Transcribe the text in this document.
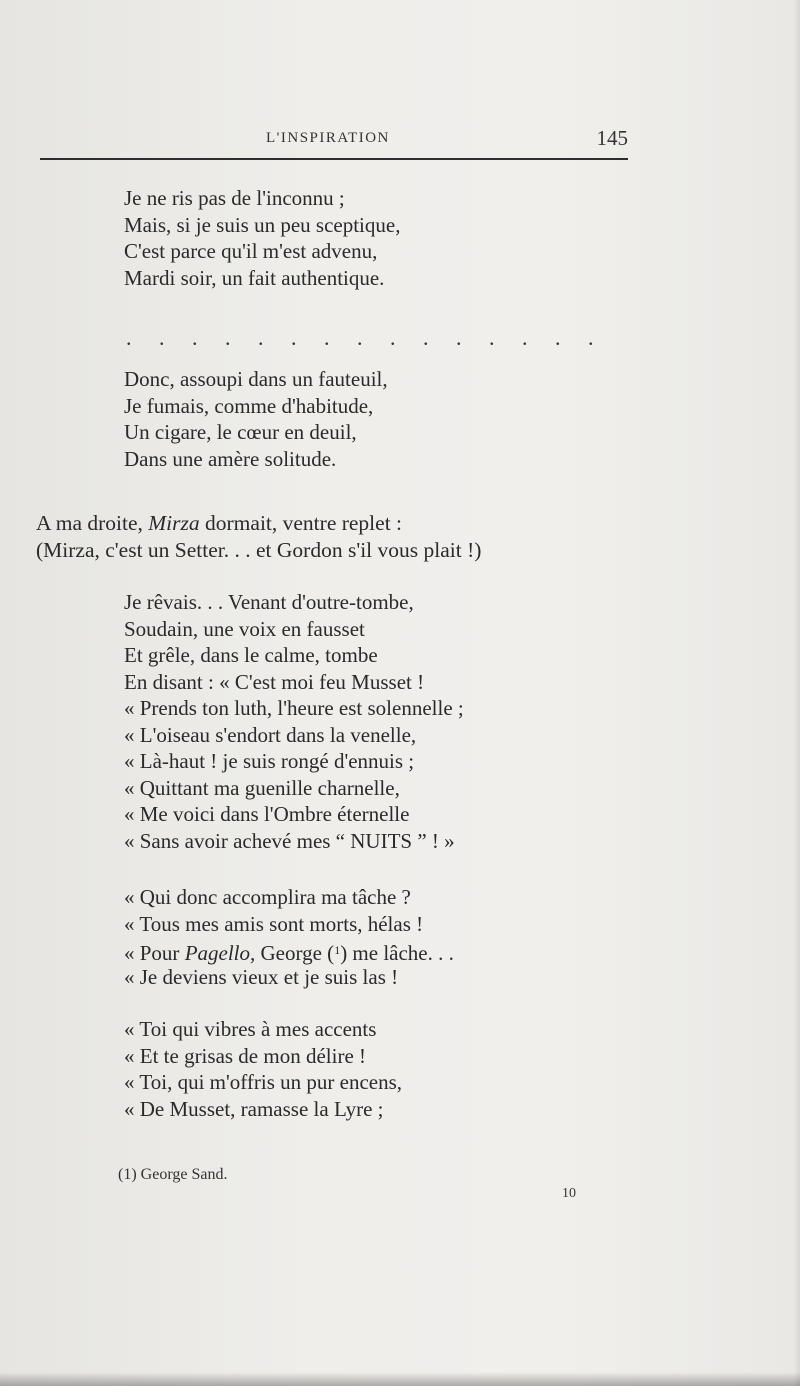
L'INSPIRATION	145
Je ne ris pas de l'inconnu ;
Mais, si je suis un peu sceptique,
C'est parce qu'il m'est advenu,
Mardi soir, un fait authentique.
. . . . . . . . . . . . . . .
Donc, assoupi dans un fauteuil,
Je fumais, comme d'habitude,
Un cigare, le cœur en deuil,
Dans une amère solitude.
A ma droite, Mirza dormait, ventre replet :
(Mirza, c'est un Setter. . . et Gordon s'il vous plait !)
Je rêvais. . . Venant d'outre-tombe,
Soudain, une voix en fausset
Et grêle, dans le calme, tombe
En disant : « C'est moi feu Musset !
« Prends ton luth, l'heure est solennelle ;
« L'oiseau s'endort dans la venelle,
« Là-haut ! je suis rongé d'ennuis ;
« Quittant ma guenille charnelle,
« Me voici dans l'Ombre éternelle
« Sans avoir achevé mes “ NUITS ” ! »
« Qui donc accomplira ma tâche ?
« Tous mes amis sont morts, hélas !
« Pour Pagello, George ($^1$) me lâche. . .
« Je deviens vieux et je suis las !
« Toi qui vibres à mes accents
« Et te grisas de mon délire !
« Toi, qui m'offris un pur encens,
« De Musset, ramasse la Lyre ;
(1) George Sand.
10
